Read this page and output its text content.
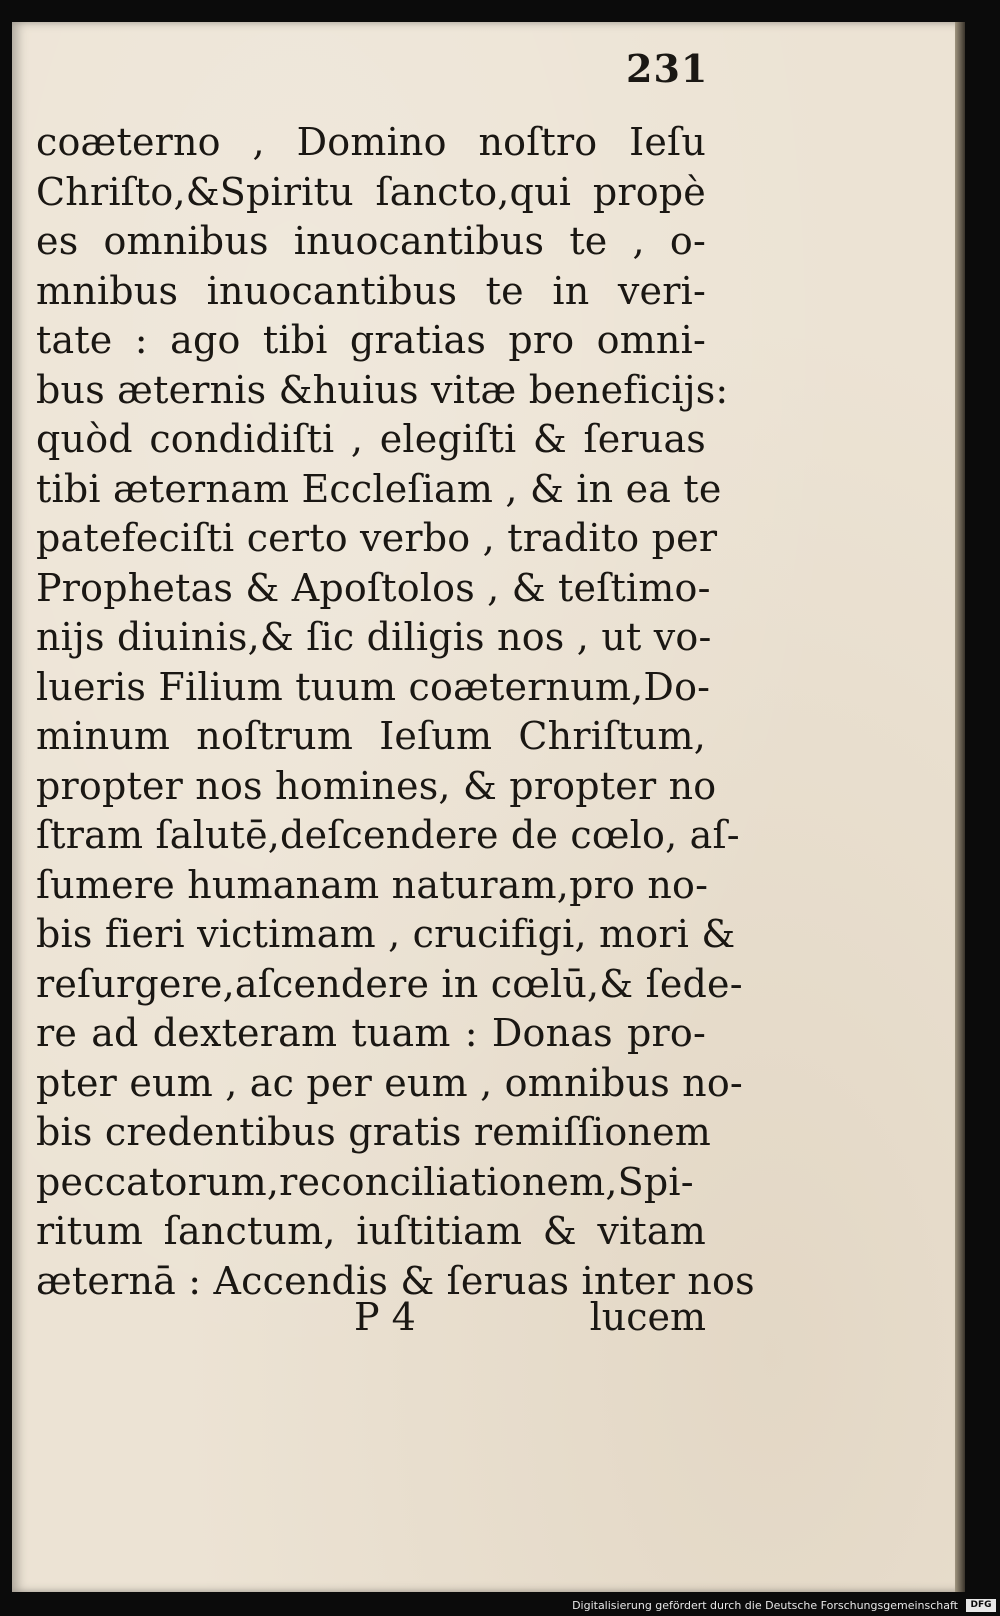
231
coæterno , Domino noſtro Ieſu
Chriſto,&Spiritu ſancto,qui propè
es omnibus inuocantibus te , o-
mnibus inuocantibus te in veri-
tate : ago tibi gratias pro omni-
bus æternis &huius vitæ beneficijs:
quòd condidiſti , elegiſti & ſeruas
tibi æternam Eccleſiam , & in ea te
patefeciſti certo verbo , tradito per
Prophetas & Apoſtolos , & teſtimo-
nijs diuinis,& ſic diligis nos , ut vo-
lueris Filium tuum coæternum,Do-
minum noſtrum Ieſum Chriſtum,
propter nos homines, & propter no
ſtram ſalutē,deſcendere de cœlo, aſ-
ſumere humanam naturam,pro no-
bis fieri victimam , crucifigi, mori &
reſurgere,aſcendere in cœlū,& ſede-
re ad dexteram tuam : Donas pro-
pter eum , ac per eum , omnibus no-
bis credentibus gratis remiſſionem
peccatorum,reconciliationem,Spi-
ritum ſanctum, iuſtitiam & vitam
æternā : Accendis & ſeruas inter nos
P 4	lucem
Digitalisierung gefördert durch die Deutsche Forschungsgemeinschaft	DFG
